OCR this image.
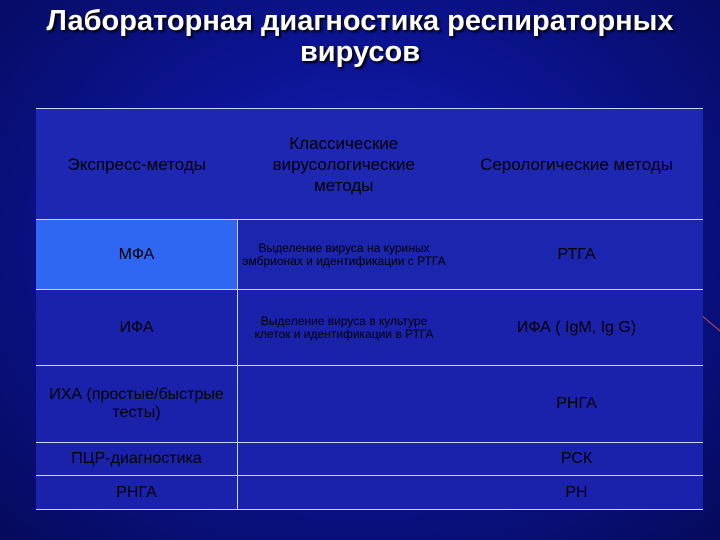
Лабораторная диагностика респираторных
вирусов
Экспресс-методы	Классические вирусологические методы	Серологические методы
МФА	Выделение вируса на куриных эмбрионах и идентификации с РТГА	РТГА
ИФА	Выделение вируса в культуре клеток и идентификации в РТГА	ИФА ( IgM, Ig G)
ИХА (простые/быстрые тесты)		РНГА
ПЦР-диагностика		РСК
РНГА		РН
